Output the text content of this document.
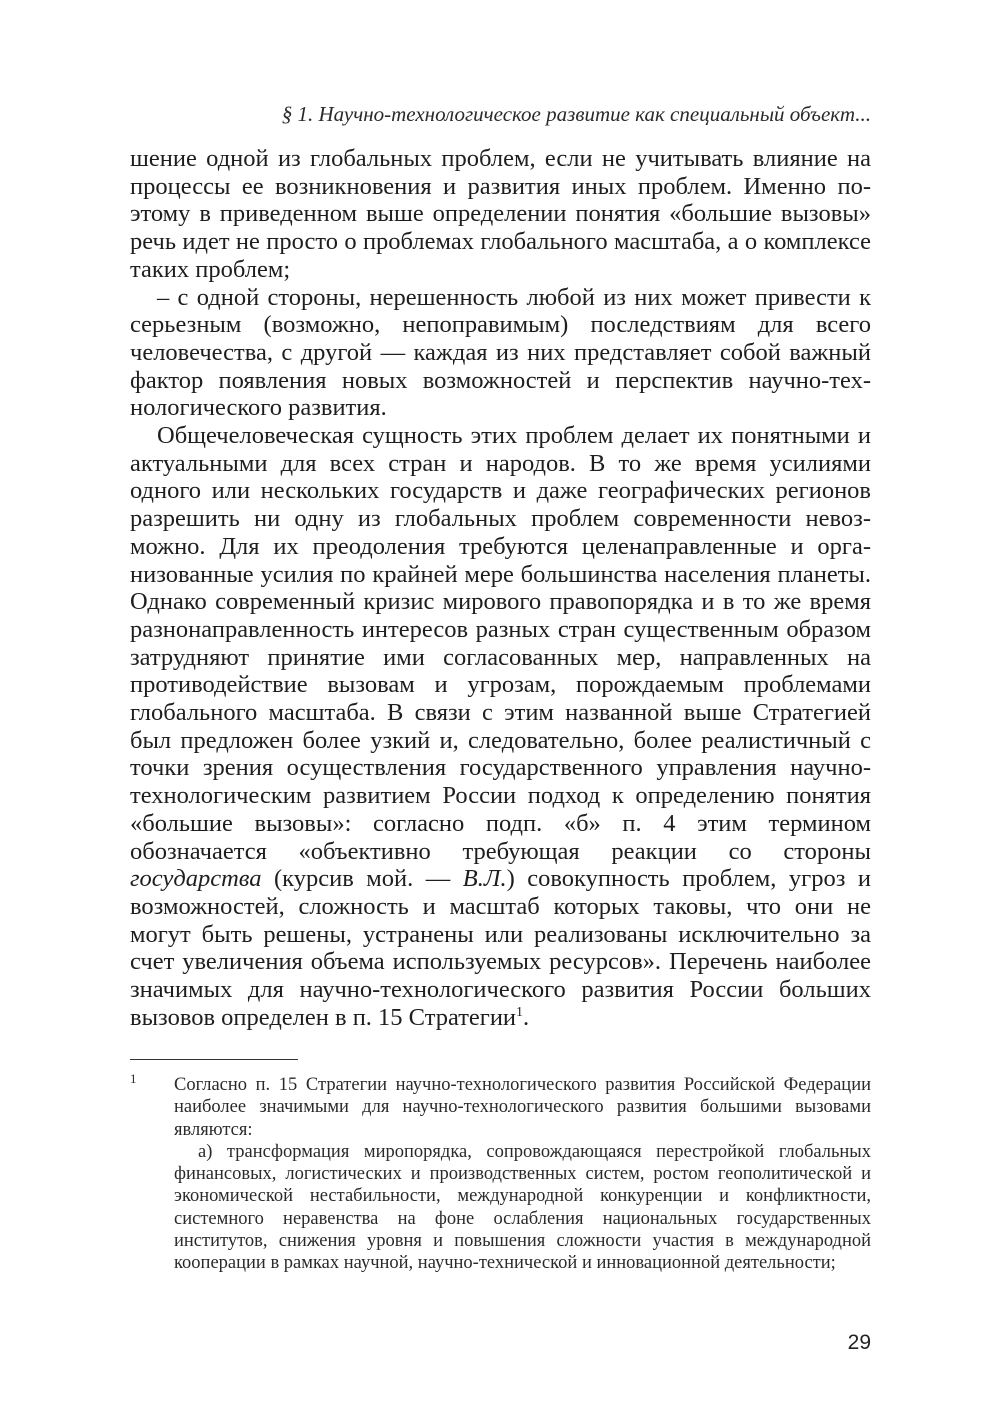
§ 1. Научно-технологическое развитие как специальный объект...

шение одной из глобальных проблем, если не учитывать влияние на процессы ее возникновения и развития иных проблем. Именно поэтому в приведенном выше определении понятия «большие вызовы» речь идет не просто о проблемах глобального масштаба, а о комплексе таких проблем;

– с одной стороны, нерешенность любой из них может привести к серьезным (возможно, непоправимым) последствиям для всего человечества, с другой — каждая из них представляет собой важный фактор появления новых возможностей и перспектив научно-технологического развития.

Общечеловеческая сущность этих проблем делает их понятными и актуальными для всех стран и народов. В то же время усилиями одного или нескольких государств и даже географических регионов разрешить ни одну из глобальных проблем современности невозможно. Для их преодоления требуются целенаправленные и организованные усилия по крайней мере большинства населения планеты. Однако современный кризис мирового правопорядка и в то же время разнонаправленность интересов разных стран существенным образом затрудняют принятие ими согласованных мер, направленных на противодействие вызовам и угрозам, порождаемым проблемами глобального масштаба. В связи с этим названной выше Стратегией был предложен более узкий и, следовательно, более реалистичный с точки зрения осуществления государственного управления научно-технологическим развитием России подход к определению понятия «большие вызовы»: согласно подп. «б» п. 4 этим термином обозначается «объективно требующая реакции со стороны государства (курсив мой. — В.Л.) совокупность проблем, угроз и возможностей, сложность и масштаб которых таковы, что они не могут быть решены, устранены или реализованы исключительно за счет увеличения объема используемых ресурсов». Перечень наиболее значимых для научно-технологического развития России больших вызовов определен в п. 15 Стратегии$^1$.

1 Согласно п. 15 Стратегии научно-технологического развития Российской Федерации наиболее значимыми для научно-технологического развития большими вызовами являются:

а) трансформация миропорядка, сопровождающаяся перестройкой глобальных финансовых, логистических и производственных систем, ростом геополитической и экономической нестабильности, международной конкуренции и конфликтности, системного неравенства на фоне ослабления национальных государственных институтов, снижения уровня и повышения сложности участия в международной кооперации в рамках научной, научно-технической и инновационной деятельности;

29
